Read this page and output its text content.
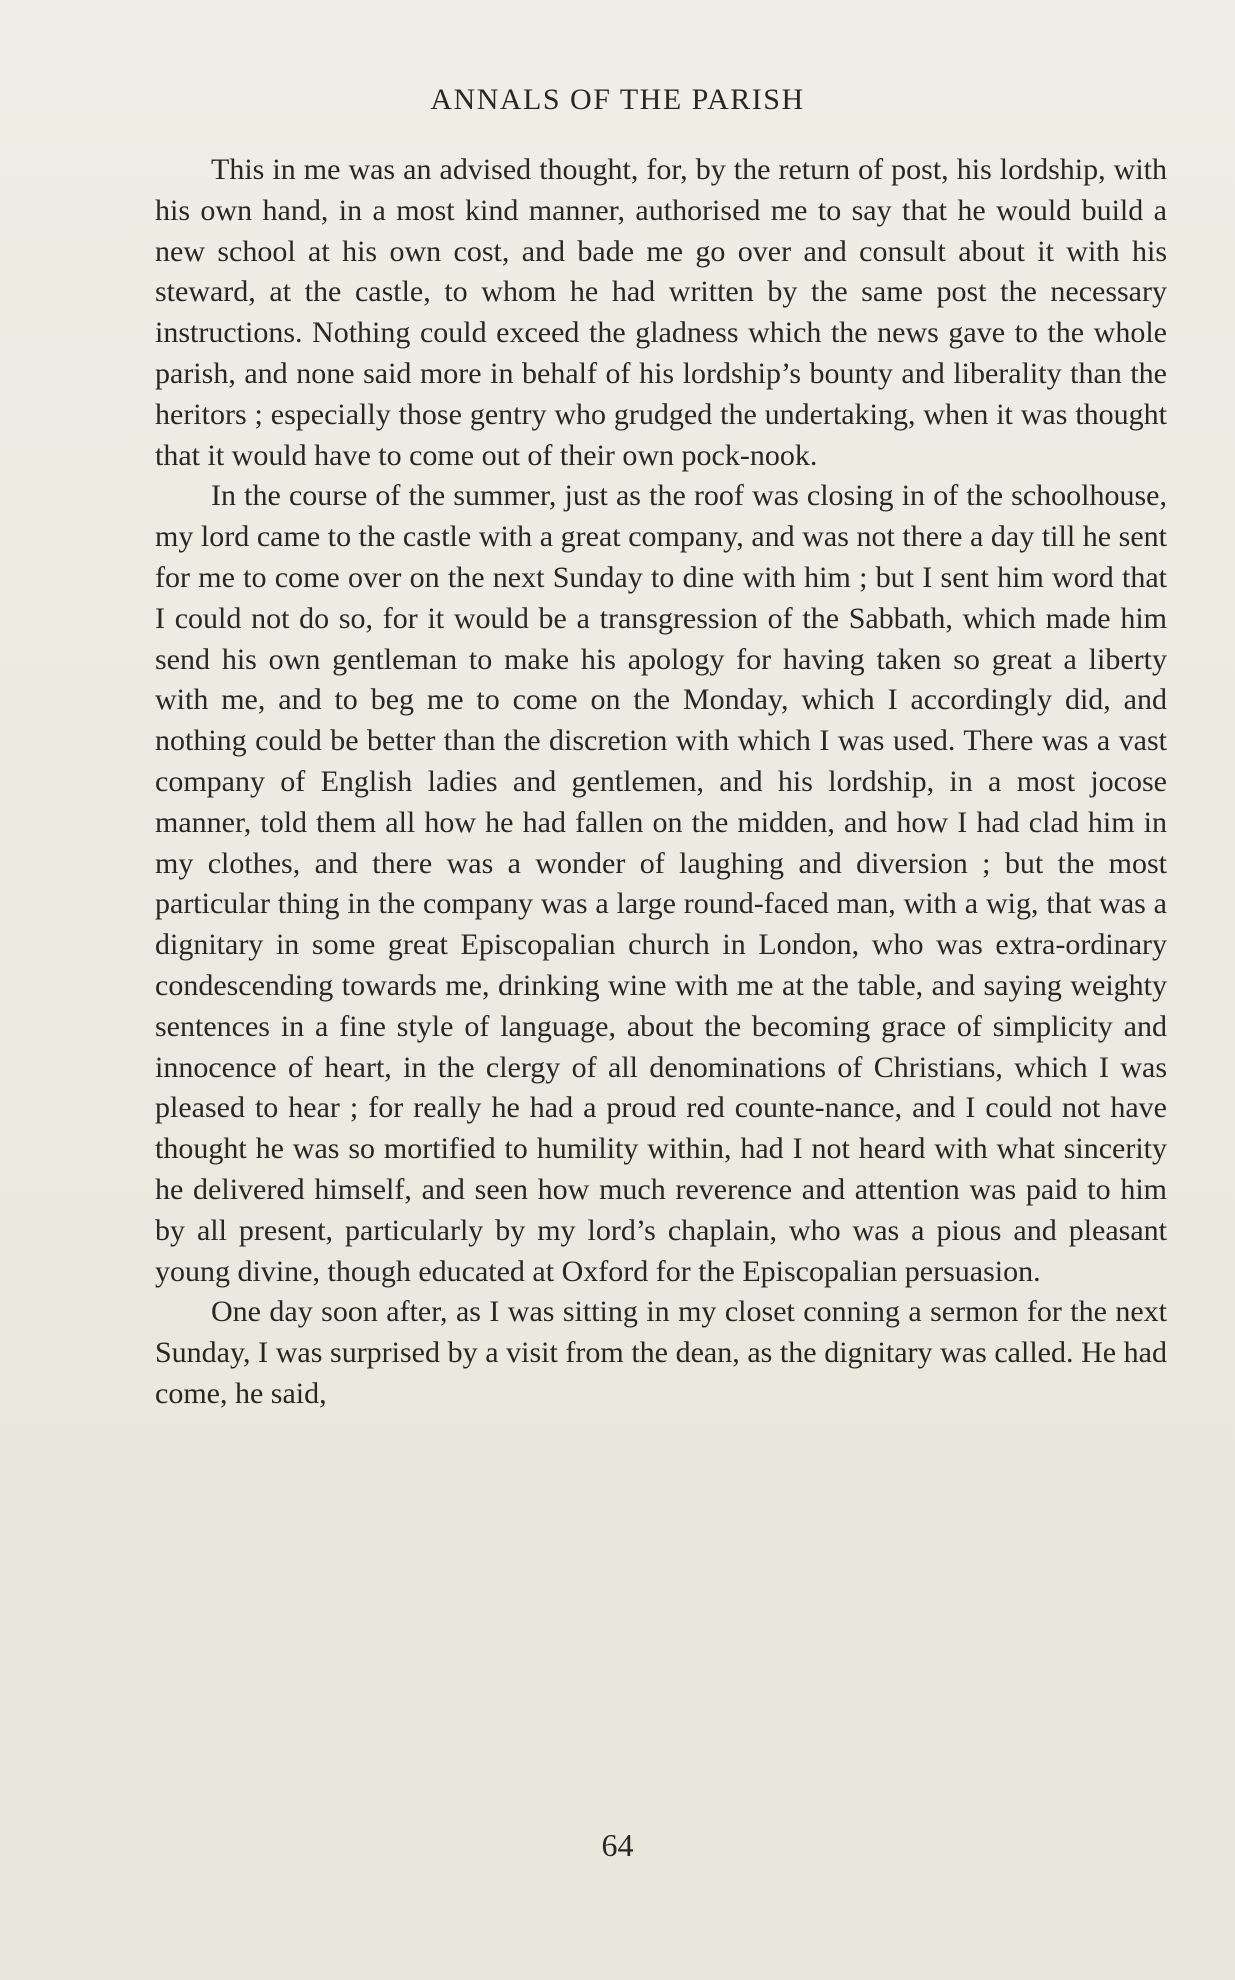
ANNALS OF THE PARISH

This in me was an advised thought, for, by the return of post, his lordship, with his own hand, in a most kind manner, authorised me to say that he would build a new school at his own cost, and bade me go over and consult about it with his steward, at the castle, to whom he had written by the same post the necessary instructions. Nothing could exceed the gladness which the news gave to the whole parish, and none said more in behalf of his lordship’s bounty and liberality than the heritors ; especially those gentry who grudged the undertaking, when it was thought that it would have to come out of their own pock-nook.

In the course of the summer, just as the roof was closing in of the schoolhouse, my lord came to the castle with a great company, and was not there a day till he sent for me to come over on the next Sunday to dine with him ; but I sent him word that I could not do so, for it would be a transgression of the Sabbath, which made him send his own gentleman to make his apology for having taken so great a liberty with me, and to beg me to come on the Monday, which I accordingly did, and nothing could be better than the discretion with which I was used. There was a vast company of English ladies and gentlemen, and his lordship, in a most jocose manner, told them all how he had fallen on the midden, and how I had clad him in my clothes, and there was a wonder of laughing and diversion ; but the most particular thing in the company was a large round-faced man, with a wig, that was a dignitary in some great Episcopalian church in London, who was extra-ordinary condescending towards me, drinking wine with me at the table, and saying weighty sentences in a fine style of language, about the becoming grace of simplicity and innocence of heart, in the clergy of all denominations of Christians, which I was pleased to hear ; for really he had a proud red counte-nance, and I could not have thought he was so mortified to humility within, had I not heard with what sincerity he delivered himself, and seen how much reverence and attention was paid to him by all present, particularly by my lord’s chaplain, who was a pious and pleasant young divine, though educated at Oxford for the Episcopalian persuasion.

One day soon after, as I was sitting in my closet conning a sermon for the next Sunday, I was surprised by a visit from the dean, as the dignitary was called. He had come, he said,

64
